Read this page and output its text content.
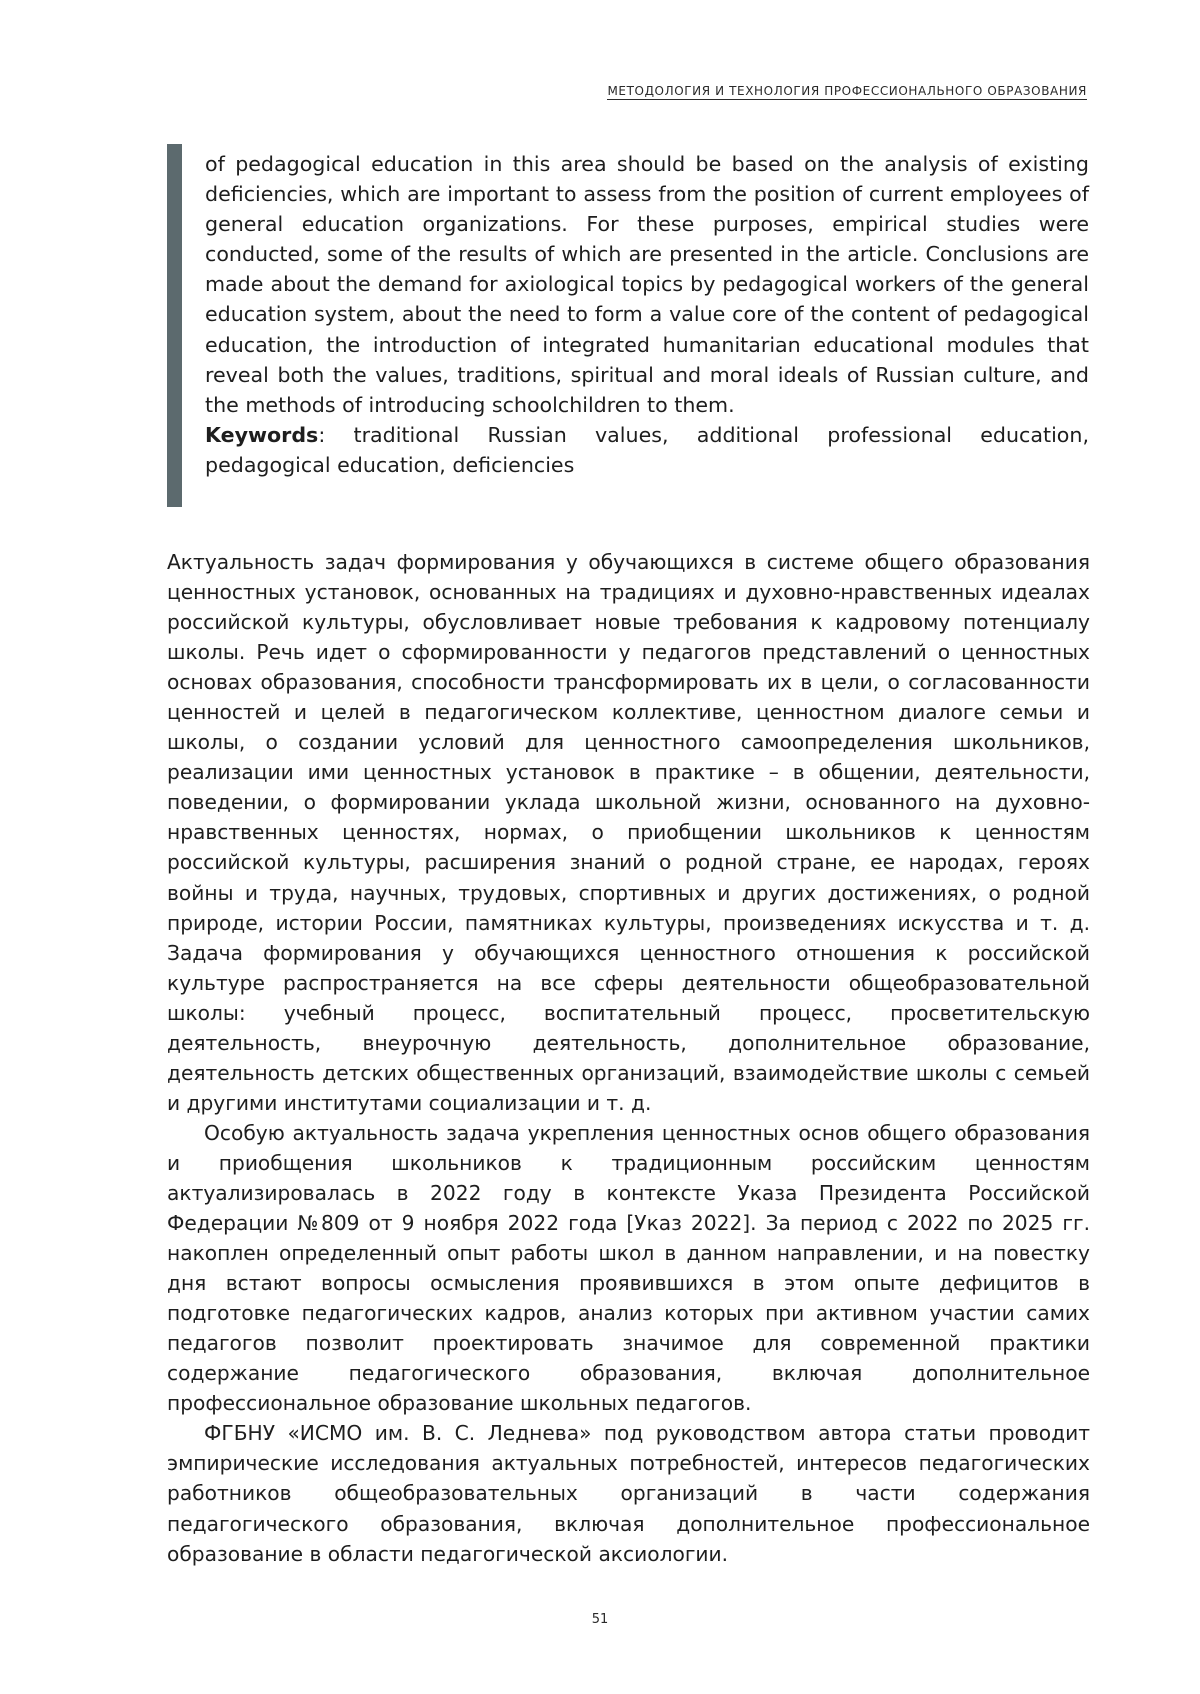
МЕТОДОЛОГИЯ И ТЕХНОЛОГИЯ ПРОФЕССИОНАЛЬНОГО ОБРАЗОВАНИЯ

of pedagogical education in this area should be based on the analysis of existing deficiencies, which are important to assess from the position of current employees of general education organizations. For these purposes, empirical studies were conducted, some of the results of which are presented in the article. Conclusions are made about the demand for axiological topics by pedagogical workers of the general education system, about the need to form a value core of the content of pedagogical education, the introduction of integrated humanitarian educational modules that reveal both the values, traditions, spiritual and moral ideals of Russian culture, and the methods of introducing schoolchildren to them.
Keywords: traditional Russian values, additional professional education, pedagogical education, deficiencies

Актуальность задач формирования у обучающихся в системе общего образования ценностных установок, основанных на традициях и духовно-нравственных идеалах российской культуры, обусловливает новые требования к кадровому потенциалу школы. Речь идет о сформированности у педагогов представлений о ценностных основах образования, способности трансформировать их в цели, о согласованности ценностей и целей в педагогическом коллективе, ценностном диалоге семьи и школы, о создании условий для ценностного самоопределения школьников, реализации ими ценностных установок в практике – в общении, деятельности, поведении, о формировании уклада школьной жизни, основанного на духовно-нравственных ценностях, нормах, о приобщении школьников к ценностям российской культуры, расширения знаний о родной стране, ее народах, героях войны и труда, научных, трудовых, спортивных и других достижениях, о родной природе, истории России, памятниках культуры, произведениях искусства и т. д. Задача формирования у обучающихся ценностного отношения к российской культуре распространяется на все сферы деятельности общеобразовательной школы: учебный процесс, воспитательный процесс, просветительскую деятельность, внеурочную деятельность, дополнительное образование, деятельность детских общественных организаций, взаимодействие школы с семьей и другими институтами социализации и т. д.

Особую актуальность задача укрепления ценностных основ общего образования и приобщения школьников к традиционным российским ценностям актуализировалась в 2022 году в контексте Указа Президента Российской Федерации №809 от 9 ноября 2022 года [Указ 2022]. За период с 2022 по 2025 гг. накоплен определенный опыт работы школ в данном направлении, и на повестку дня встают вопросы осмысления проявившихся в этом опыте дефицитов в подготовке педагогических кадров, анализ которых при активном участии самих педагогов позволит проектировать значимое для современной практики содержание педагогического образования, включая дополнительное профессиональное образование школьных педагогов.

ФГБНУ «ИСМО им. В. С. Леднева» под руководством автора статьи проводит эмпирические исследования актуальных потребностей, интересов педагогических работников общеобразовательных организаций в части содержания педагогического образования, включая дополнительное профессиональное образование в области педагогической аксиологии.

51
